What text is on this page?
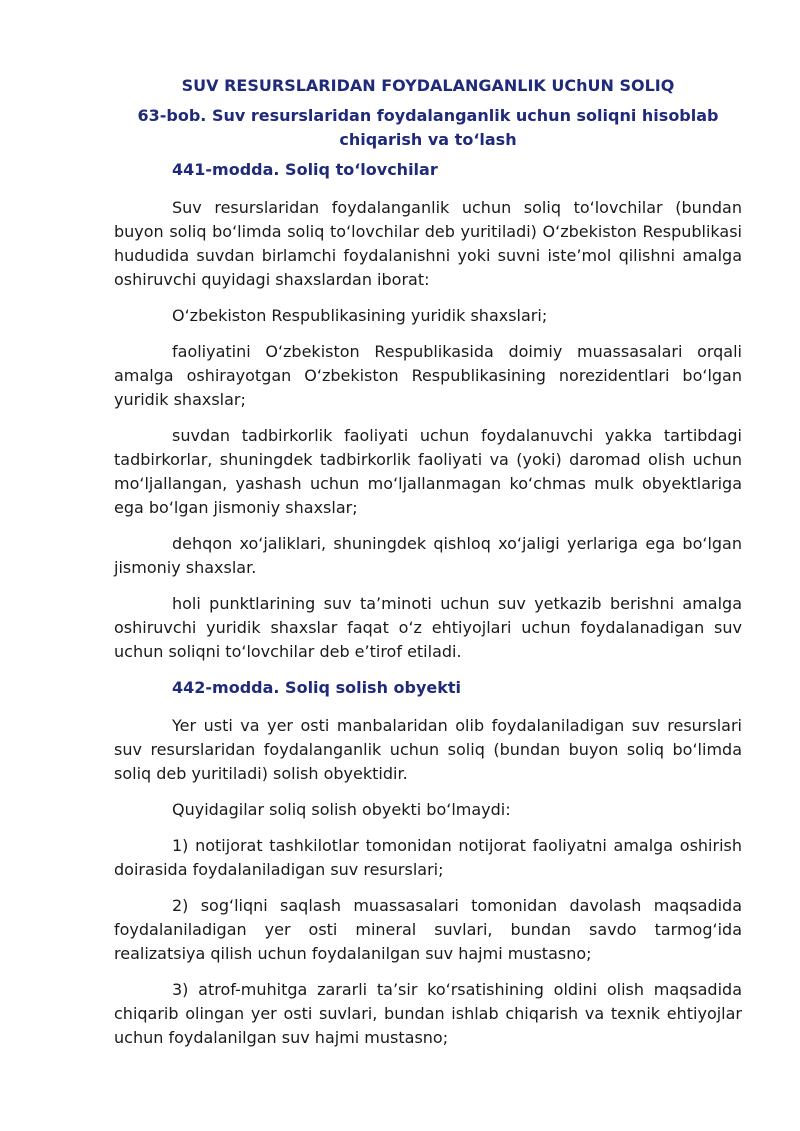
SUV RESURSLARIDAN FOYDALANGANLIK UChUN SOLIQ
63-bob. Suv resurslaridan foydalanganlik uchun soliqni hisoblab chiqarish va to‘lash
441-modda. Soliq to‘lovchilar

Suv resurslaridan foydalanganlik uchun soliq to‘lovchilar (bundan buyon soliq bo‘limda soliq to‘lovchilar deb yuritiladi) O‘zbekiston Respublikasi hududida suvdan birlamchi foydalanishni yoki suvni iste’mol qilishni amalga oshiruvchi quyidagi shaxslardan iborat:

O‘zbekiston Respublikasining yuridik shaxslari;

faoliyatini O‘zbekiston Respublikasida doimiy muassasalari orqali amalga oshirayotgan O‘zbekiston Respublikasining norezidentlari bo‘lgan yuridik shaxslar;

suvdan tadbirkorlik faoliyati uchun foydalanuvchi yakka tartibdagi tadbirkorlar, shuningdek tadbirkorlik faoliyati va (yoki) daromad olish uchun mo‘ljallangan, yashash uchun mo‘ljallanmagan ko‘chmas mulk obyektlariga ega bo‘lgan jismoniy shaxslar;

dehqon xo‘jaliklari, shuningdek qishloq xo‘jaligi yerlariga ega bo‘lgan jismoniy shaxslar.

holi punktlarining suv ta’minoti uchun suv yetkazib berishni amalga oshiruvchi yuridik shaxslar faqat o‘z ehtiyojlari uchun foydalanadigan suv uchun soliqni to‘lovchilar deb e’tirof etiladi.

442-modda. Soliq solish obyekti

Yer usti va yer osti manbalaridan olib foydalaniladigan suv resurslari suv resurslaridan foydalanganlik uchun soliq (bundan buyon soliq bo‘limda soliq deb yuritiladi) solish obyektidir.

Quyidagilar soliq solish obyekti bo‘lmaydi:

1) notijorat tashkilotlar tomonidan notijorat faoliyatni amalga oshirish doirasida foydalaniladigan suv resurslari;

2) sog‘liqni saqlash muassasalari tomonidan davolash maqsadida foydalaniladigan yer osti mineral suvlari, bundan savdo tarmog‘ida realizatsiya qilish uchun foydalanilgan suv hajmi mustasno;

3) atrof-muhitga zararli ta’sir ko‘rsatishining oldini olish maqsadida chiqarib olingan yer osti suvlari, bundan ishlab chiqarish va texnik ehtiyojlar uchun foydalanilgan suv hajmi mustasno;
